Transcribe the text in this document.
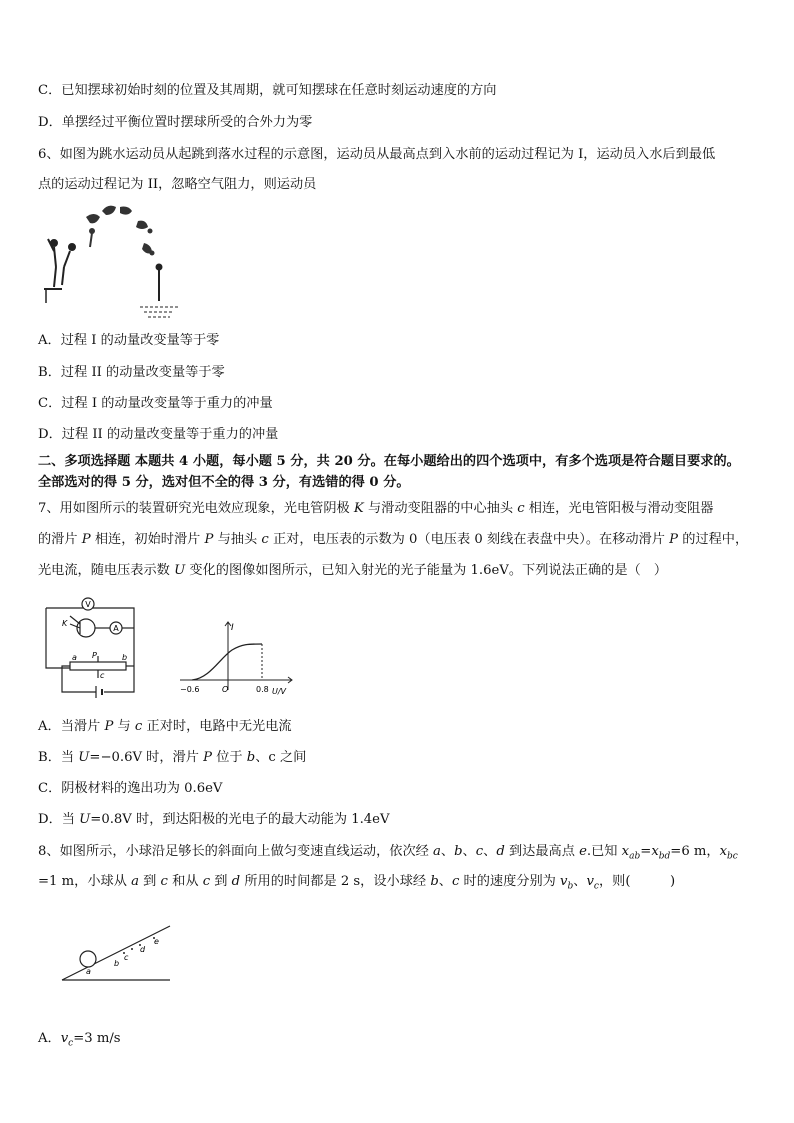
C．已知摆球初始时刻的位置及其周期，就可知摆球在任意时刻运动速度的方向
D．单摆经过平衡位置时摆球所受的合外力为零
6、如图为跳水运动员从起跳到落水过程的示意图，运动员从最高点到入水前的运动过程记为 I，运动员入水后到最低
点的运动过程记为 II，忽略空气阻力，则运动员
A．过程 I 的动量改变量等于零
B．过程 II 的动量改变量等于零
C．过程 I 的动量改变量等于重力的冲量
D．过程 II 的动量改变量等于重力的冲量
二、多项选择题 本题共 4 小题，每小题 5 分，共 20 分。在每小题给出的四个选项中，有多个选项是符合题目要求的。
全部选对的得 5 分，选对但不全的得 3 分，有选错的得 0 分。
7、用如图所示的装置研究光电效应现象，光电管阴极 K 与滑动变阻器的中心抽头 c 相连，光电管阳极与滑动变阻器
的滑片 P 相连，初始时滑片 P 与抽头 c 正对，电压表的示数为 0（电压表 0 刻线在表盘中央）。在移动滑片 P 的过程中，
光电流，随电压表示数 U 变化的图像如图所示，已知入射光的光子能量为 1.6eV。下列说法正确的是（　）
V
A
K
a P	b
c
I
−0.6	O	0.8 U/V
A．当滑片 P 与 c 正对时，电路中无光电流
B．当 U=−0.6V 时，滑片 P 位于 b、c 之间
C．阴极材料的逸出功为 0.6eV
D．当 U=0.8V 时，到达阳极的光电子的最大动能为 1.4eV
8、如图所示，小球沿足够长的斜面向上做匀变速直线运动，依次经 a、b、c、d 到达最高点 e.已知 $x_{ab}=x_{bd}=6$ m，$x_{bc}$
=1 m，小球从 a 到 c 和从 c 到 d 所用的时间都是 2 s，设小球经 b、c 时的速度分别为 $v_b$、$v_c$，则(　　　)
a
b
c
d
e
A．$v_c=3$ m/s
